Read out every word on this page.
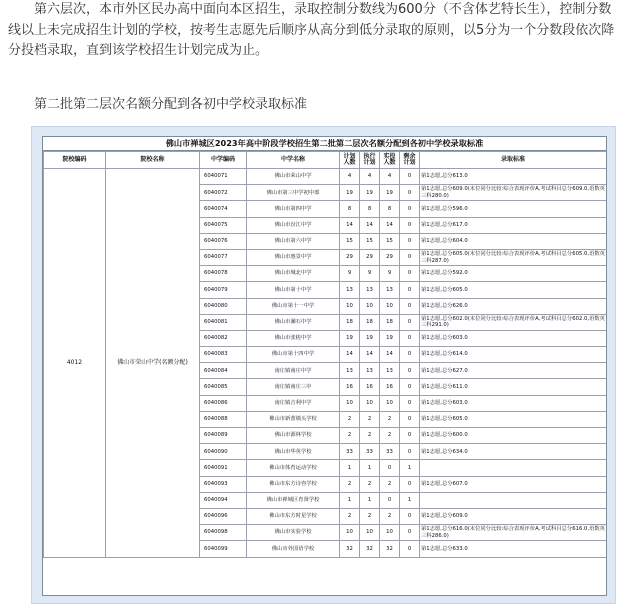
第六层次，本市外区民办高中面向本区招生，录取控制分数线为600分（不含体艺特长生），控制分数线以上未完成招生计划的学校，按考生志愿先后顺序从高分到低分录取的原则，以5分为一个分数段依次降分投档录取，直到该学校招生计划完成为止。

第二批第二层次名额分配到各初中学校录取标准
佛山市禅城区2023年高中阶段学校招生第二批第二层次名额分配到各初中学校录取标准
院校编码	院校名称	中学编码	中学名称	计划人数	执行计划	实投人数	剩余计划	录取标准
4012	佛山市荣山中学(名额分配)	6040071	佛山市荣山中学	4	4	4	0	第1志愿,总分613.0
		6040072	佛山市第三中学初中部	19	19	19	0	第1志愿,总分609.0(末位同分比较:综合表现评价A,考试科目总分609.0,语数英三科280.0)
		6040074	佛山市第四中学	8	8	8	0	第1志愿,总分596.0
		6040075	佛山市汾江中学	14	14	14	0	第1志愿,总分617.0
		6040076	佛山市第六中学	15	15	15	0	第1志愿,总分604.0
		6040077	佛山市惠景中学	29	29	29	0	第1志愿,总分605.0(末位同分比较:综合表现评价A,考试科目总分605.0,语数英三科287.0)
		6040078	佛山市城北中学	9	9	9	0	第1志愿,总分592.0
		6040079	佛山市第十中学	13	13	13	0	第1志愿,总分605.0
		6040080	佛山市第十一中学	10	10	10	0	第1志愿,总分626.0
		6040081	佛山市澜石中学	18	18	18	0	第1志愿,总分602.0(末位同分比较:综合表现评价A,考试科目总分602.0,语数英三科291.0)
		6040082	佛山市张槎中学	19	19	19	0	第1志愿,总分603.0
		6040083	佛山市第十四中学	14	14	14	0	第1志愿,总分614.0
		6040084	南庄镇南庄中学	13	13	13	0	第1志愿,总分627.0
		6040085	南庄镇南庄三中	16	16	16	0	第1志愿,总分611.0
		6040086	南庄镇吉利中学	10	10	10	0	第1志愿,总分603.0
		6040088	佛山市新蕾墙头学校	2	2	2	0	第1志愿,总分605.0
		6040089	佛山市源林学校	2	2	2	0	第1志愿,总分600.0
		6040090	佛山市华英学校	33	33	33	0	第1志愿,总分634.0
		6040091	佛山市体育运动学校	1	1	0	1	
		6040093	佛山市东方诗咨学校	2	2	2	0	第1志愿,总分607.0
		6040094	佛山市禅城区育贤学校	1	1	0	1	
		6040096	佛山市东方时星学校	2	2	2	0	第1志愿,总分609.0
		6040098	佛山市实验学校	10	10	10	0	第1志愿,总分616.0(末位同分比较:综合表现评价A,考试科目总分616.0,语数英三科286.0)
		6040099	佛山市外国语学校	32	32	32	0	第1志愿,总分633.0
